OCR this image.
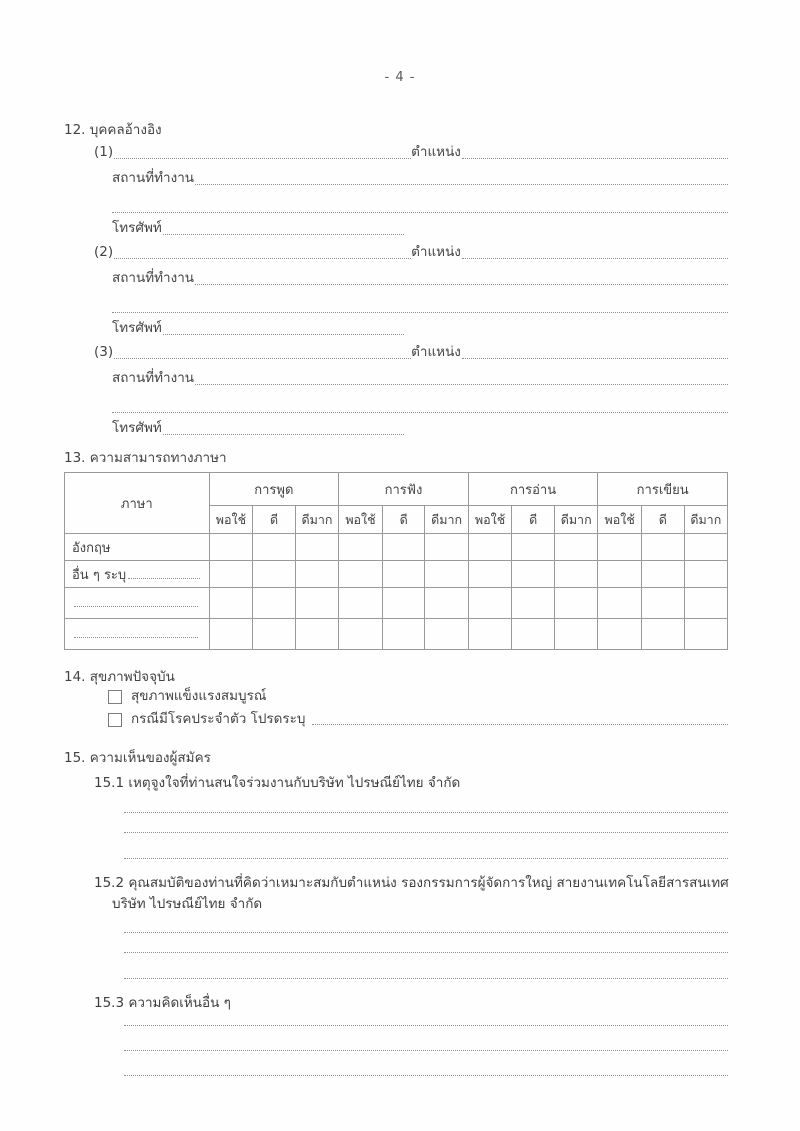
- 4 -
12. บุคคลอ้างอิง
(1)	ตำแหน่ง
สถานที่ทำงาน
โทรศัพท์
(2)	ตำแหน่ง
สถานที่ทำงาน
โทรศัพท์
(3)	ตำแหน่ง
สถานที่ทำงาน
โทรศัพท์
13. ความสามารถทางภาษา
ภาษา	การพูด			การฟัง			การอ่าน			การเขียน		
	พอใช้	ดี	ดีมาก	พอใช้	ดี	ดีมาก	พอใช้	ดี	ดีมาก	พอใช้	ดี	ดีมาก
อังกฤษ												
อื่น ๆ ระบุ												

14. สุขภาพปัจจุบัน
สุขภาพแข็งแรงสมบูรณ์
กรณีมีโรคประจำตัว โปรดระบุ
15. ความเห็นของผู้สมัคร
15.1 เหตุจูงใจที่ท่านสนใจร่วมงานกับบริษัท ไปรษณีย์ไทย จำกัด
15.2 คุณสมบัติของท่านที่คิดว่าเหมาะสมกับตำแหน่ง รองกรรมการผู้จัดการใหญ่ สายงานเทคโนโลยีสารสนเทศ
บริษัท ไปรษณีย์ไทย จำกัด
15.3 ความคิดเห็นอื่น ๆ
